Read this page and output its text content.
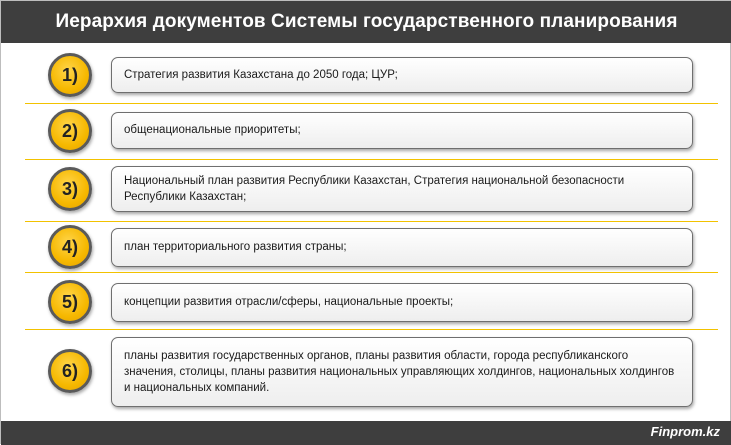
Иерархия документов Системы государственного планирования
1)	Стратегия развития Казахстана до 2050 года; ЦУР;
2)	общенациональные приоритеты;
3)	Национальный план развития Республики Казахстан, Стратегия национальной безопасности Республики Казахстан;
4)	план территориального развития страны;
5)	концепции развития отрасли/сферы, национальные проекты;
6)
планы развития государственных органов, планы развития области, города республиканского значения, столицы, планы развития национальных управляющих холдингов, национальных холдингов и национальных компаний.
Finprom.kz
